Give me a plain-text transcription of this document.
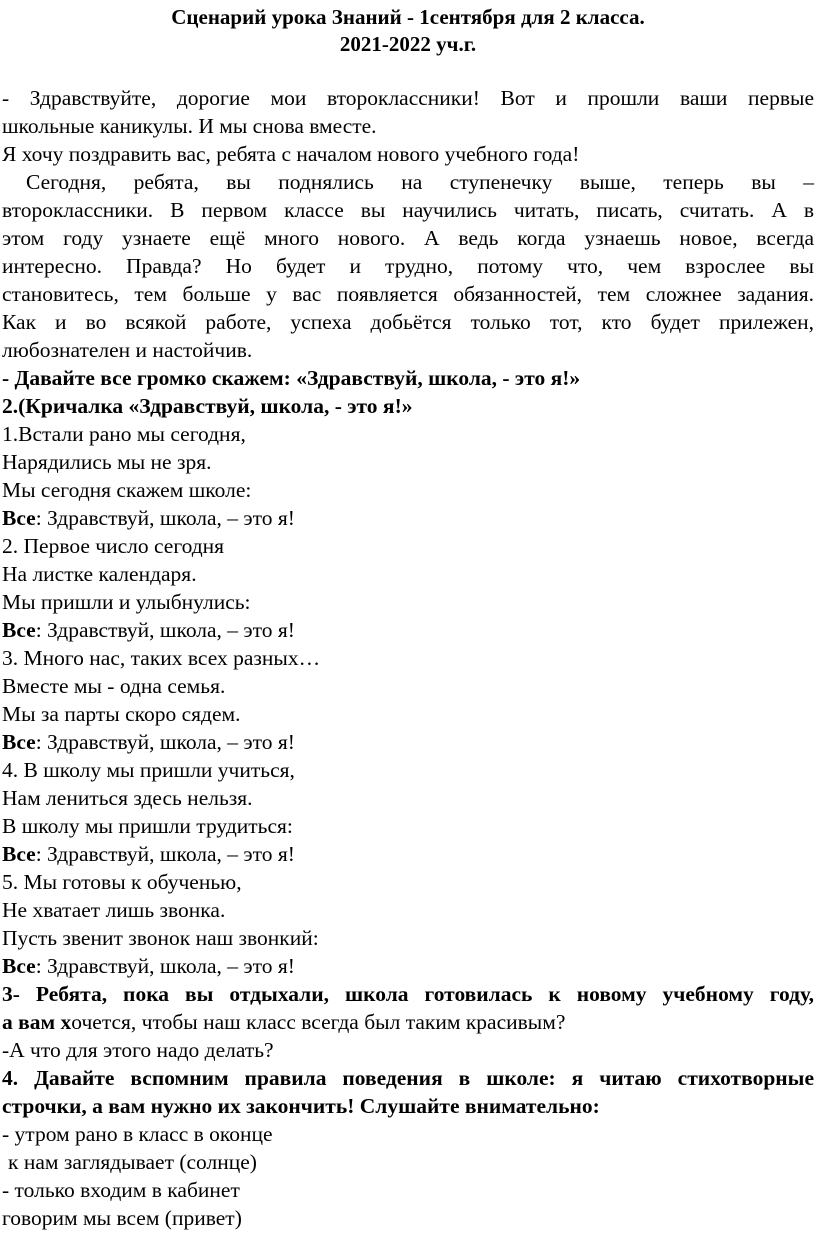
Сценарий урока Знаний - 1сентября для 2 класса.
2021-2022 уч.г.

- Здравствуйте, дорогие мои второклассники! Вот и прошли ваши первые

школьные каникулы. И мы снова вместе.

Я хочу поздравить вас, ребята с началом нового учебного года!

Сегодня, ребята, вы поднялись на ступенечку выше, теперь вы –

второклассники. В первом классе вы научились читать, писать, считать. А в

этом году узнаете ещё много нового. А ведь когда узнаешь новое, всегда

интересно. Правда? Но будет и трудно, потому что, чем взрослее вы

становитесь, тем больше у вас появляется обязанностей, тем сложнее задания.

Как и во всякой работе, успеха добьётся только тот, кто будет прилежен,

любознателен и настойчив.

- Давайте все громко скажем: «Здравствуй, школа, - это я!»

2.(Кричалка «Здравствуй, школа, - это я!»

1.Встали рано мы сегодня,

Нарядились мы не зря.

Мы сегодня скажем школе:

Все: Здравствуй, школа, – это я!

2. Первое число сегодня

На листке календаря.

Мы пришли и улыбнулись:

Все: Здравствуй, школа, – это я!

3. Много нас, таких всех разных…

Вместе мы - одна семья.

Мы за парты скоро сядем.

Все: Здравствуй, школа, – это я!

4. В школу мы пришли учиться,

Нам лениться здесь нельзя.

В школу мы пришли трудиться:

Все: Здравствуй, школа, – это я!

5. Мы готовы к обученью,

Не хватает лишь звонка.

Пусть звенит звонок наш звонкий:

Все: Здравствуй, школа, – это я!

3- Ребята, пока вы отдыхали, школа готовилась к новому учебному году,

а вам хочется, чтобы наш класс всегда был таким красивым?

-А что для этого надо делать?

4. Давайте вспомним правила поведения в школе: я читаю стихотворные

строчки, а вам нужно их закончить! Слушайте внимательно:

- утром рано в класс в оконце

к нам заглядывает (солнце)

- только входим в кабинет

говорим мы всем (привет)
